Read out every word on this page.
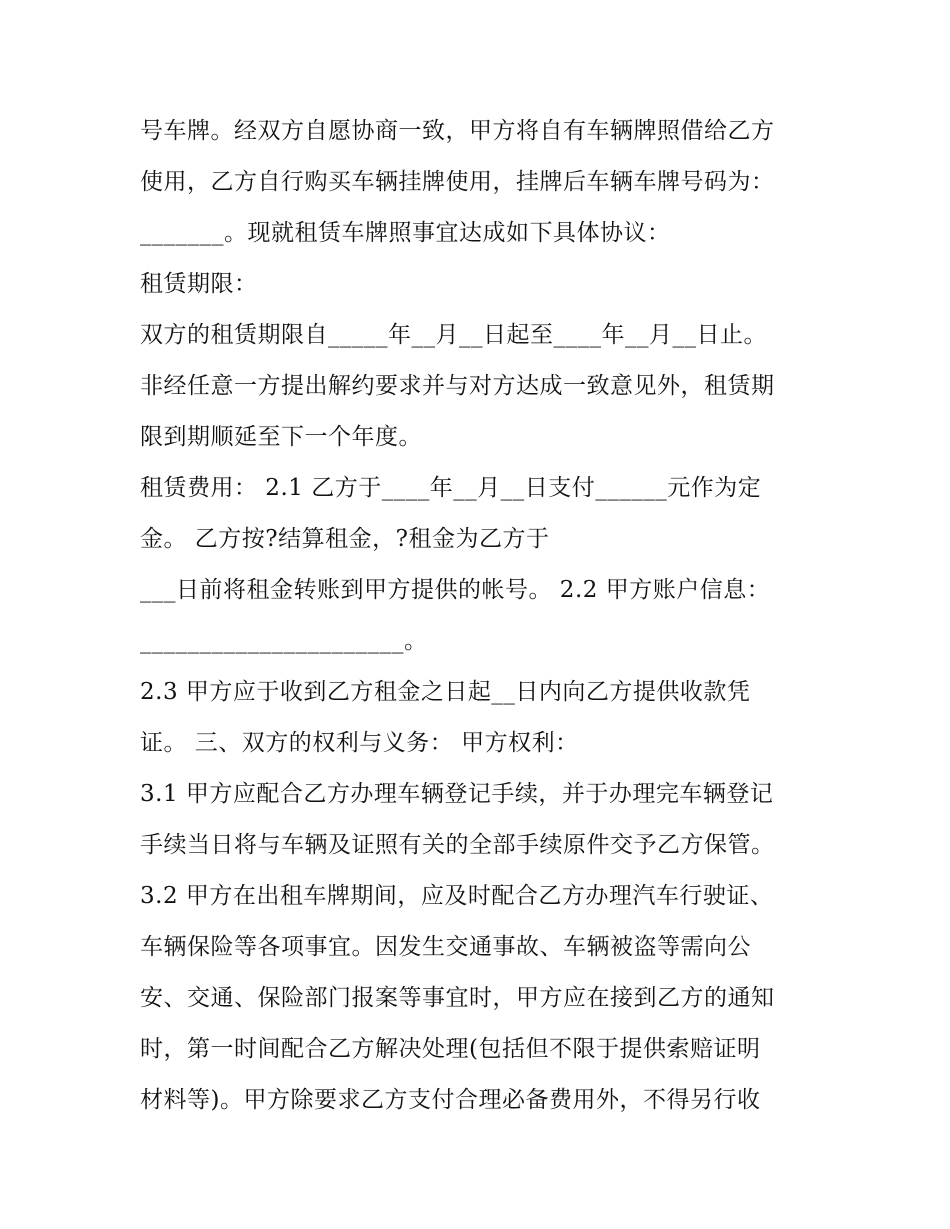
号车牌。经双方自愿协商一致，甲方将自有车辆牌照借给乙方
使用，乙方自行购买车辆挂牌使用，挂牌后车辆车牌号码为：
_______。现就租赁车牌照事宜达成如下具体协议：
租赁期限：
双方的租赁期限自_____年__月__日起至____年__月__日止。
非经任意一方提出解约要求并与对方达成一致意见外，租赁期
限到期顺延至下一个年度。
租赁费用： 2.1 乙方于____年__月__日支付______元作为定
金。 乙方按?结算租金，?租金为乙方于
___日前将租金转账到甲方提供的帐号。 2.2 甲方账户信息：
______________________。
2.3 甲方应于收到乙方租金之日起__日内向乙方提供收款凭
证。 三、双方的权利与义务： 甲方权利：
3.1 甲方应配合乙方办理车辆登记手续，并于办理完车辆登记
手续当日将与车辆及证照有关的全部手续原件交予乙方保管。
3.2 甲方在出租车牌期间，应及时配合乙方办理汽车行驶证、
车辆保险等各项事宜。因发生交通事故、车辆被盗等需向公
安、交通、保险部门报案等事宜时，甲方应在接到乙方的通知
时，第一时间配合乙方解决处理(包括但不限于提供索赔证明
材料等)。甲方除要求乙方支付合理必备费用外，不得另行收
